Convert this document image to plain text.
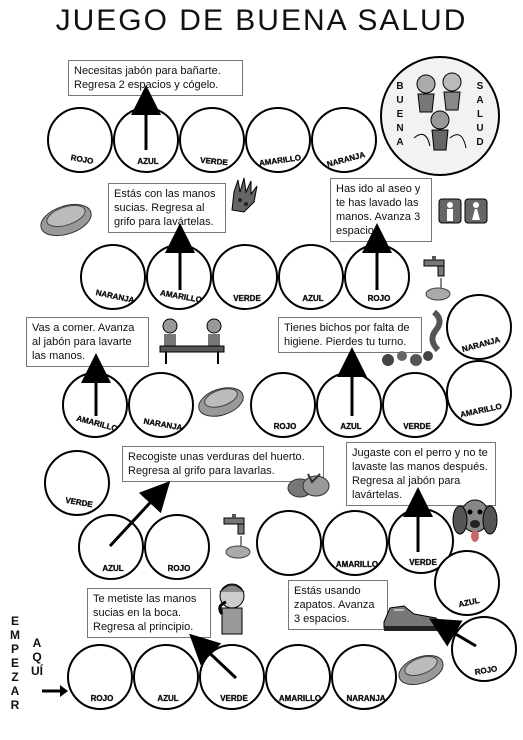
JUEGO DE BUENA SALUD
ROJO	AZUL	VERDE	AMARILLO	NARANJA
NARANJA	AMARILLO	VERDE	AZUL	ROJO
AMARILLO	NARANJA	ROJO	AZUL	VERDE
AMARILLO
NARANJA
VERDE
AZUL	ROJO	AMARILLO	VERDE
AZUL
ROJO	AZUL	VERDE	AMARILLO	NARANJA
ROJO
Necesitas jabón para bañarte. Regresa 2 espacios y cógelo.
Estás con las manos sucias. Regresa al grifo para lavártelas.
Has ido al aseo y te has lavado las manos. Avanza 3 espacios.
Vas a comer. Avanza al jabón para lavarte las manos.
Tienes bichos por falta de higiene. Pierdes tu turno.
Recogiste unas verduras del huerto. Regresa al grifo para lavarlas.
Jugaste con el perro y no te lavaste las manos después. Regresa al jabón para lavártelas.
Te metiste las manos sucias en la boca. Regresa al principio.
Estás usando zapatos. Avanza 3 espacios.
BUENA
SALUD
EMPEZAR
AQUÍ
